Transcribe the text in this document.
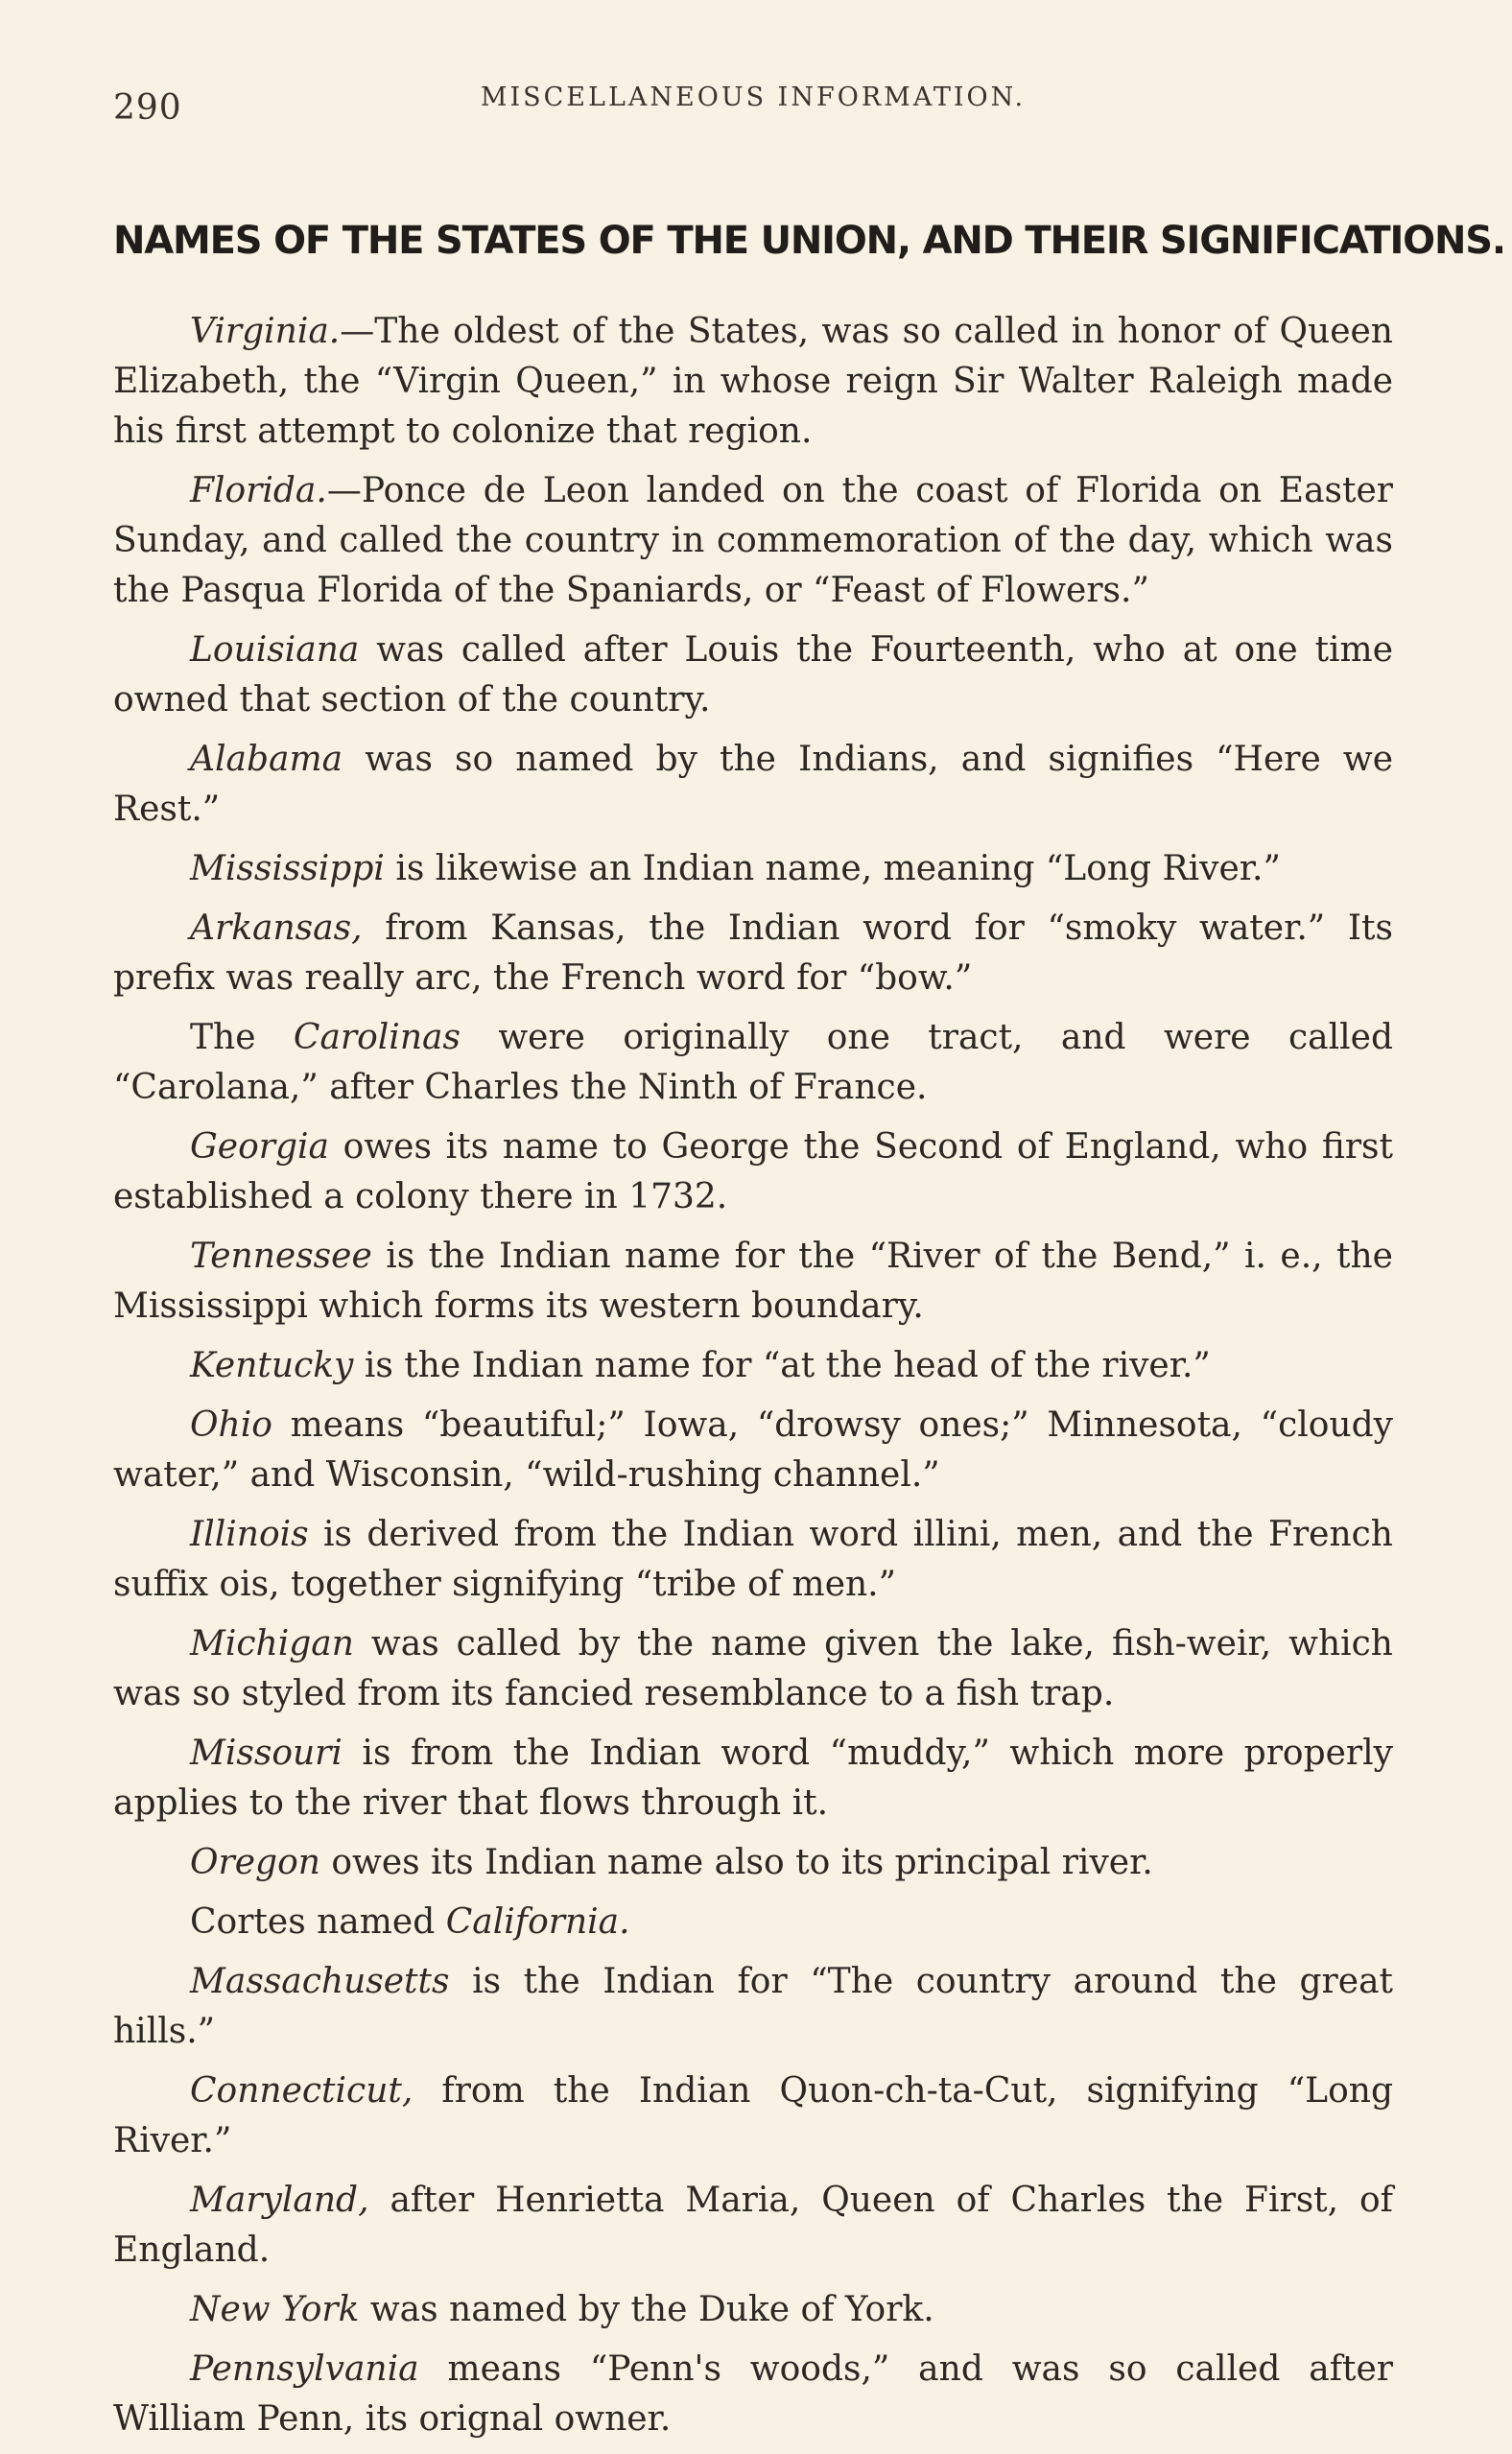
290	MISCELLANEOUS INFORMATION.
NAMES OF THE STATES OF THE UNION, AND THEIR SIGNIFICATIONS.

Virginia.—The oldest of the States, was so called in honor of Queen Elizabeth, the “Virgin Queen,” in whose reign Sir Walter Raleigh made his first attempt to colonize that region.

Florida.—Ponce de Leon landed on the coast of Florida on Easter Sunday, and called the country in commemoration of the day, which was the Pasqua Florida of the Spaniards, or “Feast of Flowers.”

Louisiana was called after Louis the Fourteenth, who at one time owned that section of the country.

Alabama was so named by the Indians, and signifies “Here we Rest.”

Mississippi is likewise an Indian name, meaning “Long River.”

Arkansas, from Kansas, the Indian word for “smoky water.” Its prefix was really arc, the French word for “bow.”

The Carolinas were originally one tract, and were called “Carolana,” after Charles the Ninth of France.

Georgia owes its name to George the Second of England, who first established a colony there in 1732.

Tennessee is the Indian name for the “River of the Bend,” i. e., the Mississippi which forms its western boundary.

Kentucky is the Indian name for “at the head of the river.”

Ohio means “beautiful;” Iowa, “drowsy ones;” Minnesota, “cloudy water,” and Wisconsin, “wild-rushing channel.”

Illinois is derived from the Indian word illini, men, and the French suffix ois, together signifying “tribe of men.”

Michigan was called by the name given the lake, fish-weir, which was so styled from its fancied resemblance to a fish trap.

Missouri is from the Indian word “muddy,” which more properly applies to the river that flows through it.

Oregon owes its Indian name also to its principal river.

Cortes named California.

Massachusetts is the Indian for “The country around the great hills.”

Connecticut, from the Indian Quon-ch-ta-Cut, signifying “Long River.”

Maryland, after Henrietta Maria, Queen of Charles the First, of England.

New York was named by the Duke of York.

Pennsylvania means “Penn's woods,” and was so called after William Penn, its orignal owner.
